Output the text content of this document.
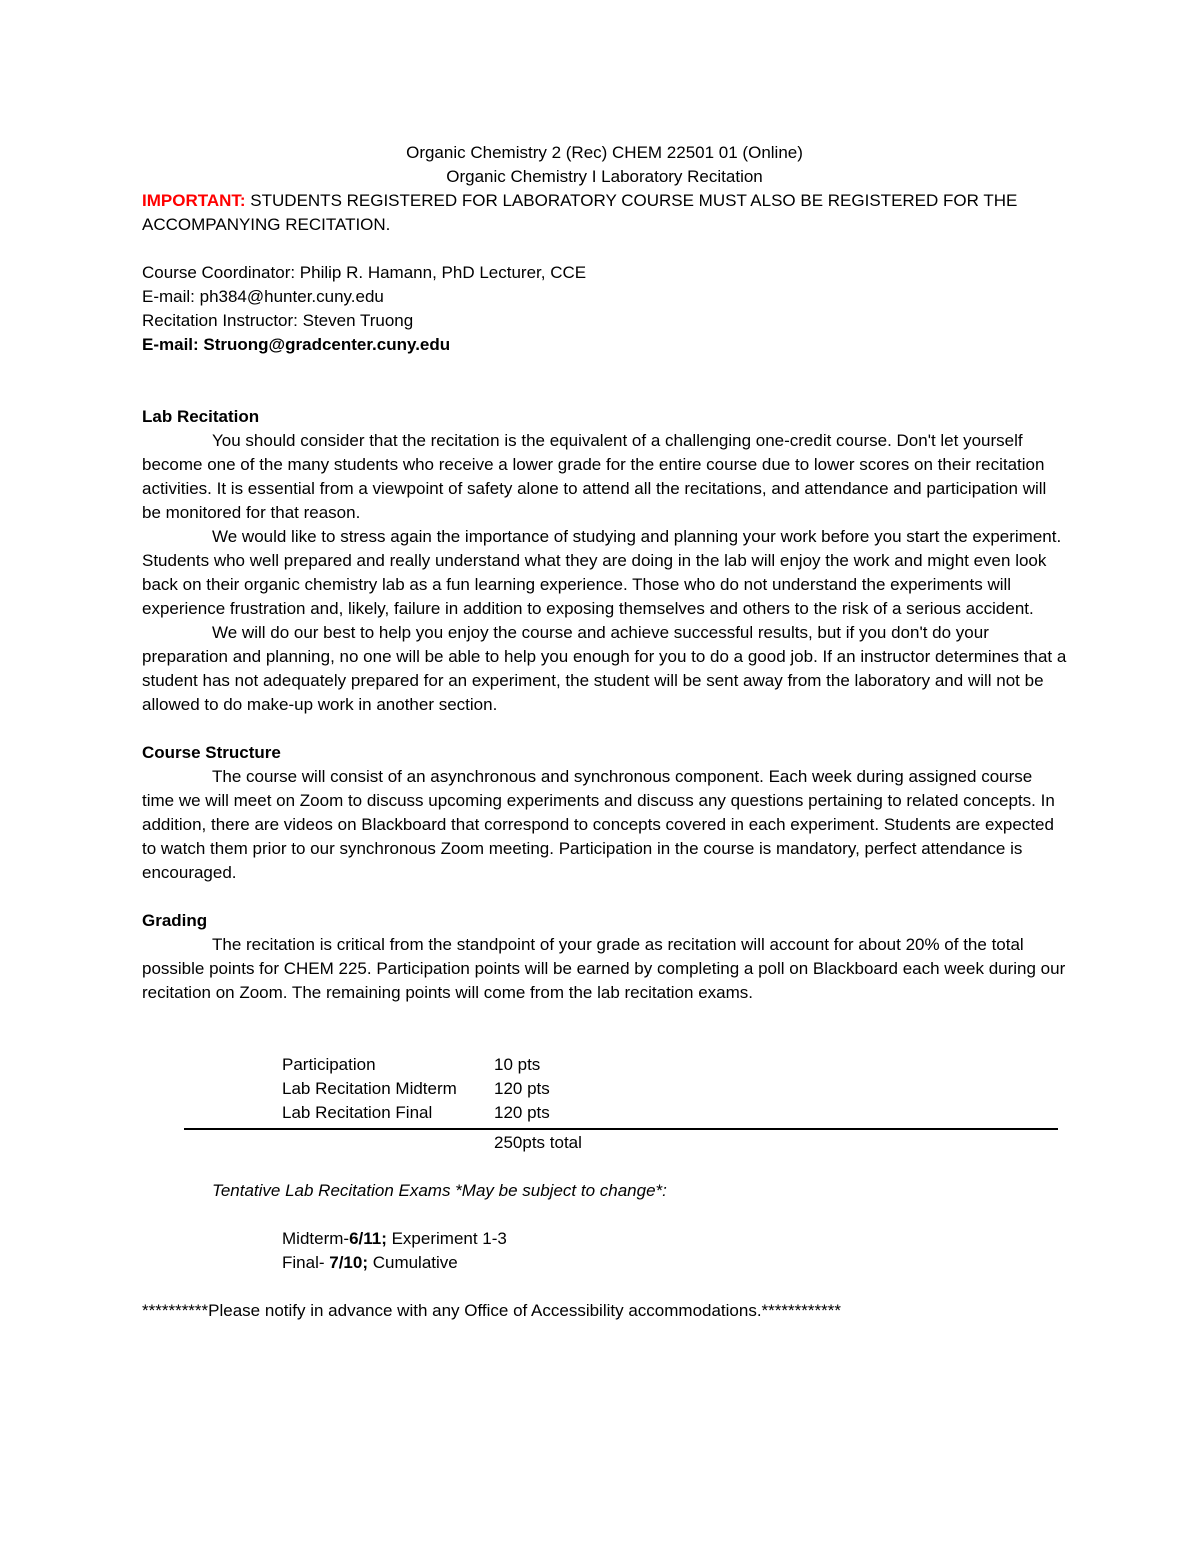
Organic Chemistry 2 (Rec) CHEM 22501 01 (Online)
Organic Chemistry I Laboratory Recitation
IMPORTANT: STUDENTS REGISTERED FOR LABORATORY COURSE MUST ALSO BE REGISTERED FOR THE
ACCOMPANYING RECITATION.
Course Coordinator: Philip R. Hamann, PhD Lecturer, CCE
E-mail: ph384@hunter.cuny.edu
Recitation Instructor: Steven Truong
E-mail: Struong@gradcenter.cuny.edu
Lab Recitation

You should consider that the recitation is the equivalent of a challenging one-credit course. Don't let yourself become one of the many students who receive a lower grade for the entire course due to lower scores on their recitation activities. It is essential from a viewpoint of safety alone to attend all the recitations, and attendance and participation will be monitored for that reason.

We would like to stress again the importance of studying and planning your work before you start the experiment. Students who well prepared and really understand what they are doing in the lab will enjoy the work and might even look back on their organic chemistry lab as a fun learning experience. Those who do not understand the experiments will experience frustration and, likely, failure in addition to exposing themselves and others to the risk of a serious accident.

We will do our best to help you enjoy the course and achieve successful results, but if you don't do your preparation and planning, no one will be able to help you enough for you to do a good job. If an instructor determines that a student has not adequately prepared for an experiment, the student will be sent away from the laboratory and will not be allowed to do make-up work in another section.

Course Structure

The course will consist of an asynchronous and synchronous component. Each week during assigned course time we will meet on Zoom to discuss upcoming experiments and discuss any questions pertaining to related concepts. In addition, there are videos on Blackboard that correspond to concepts covered in each experiment. Students are expected to watch them prior to our synchronous Zoom meeting. Participation in the course is mandatory, perfect attendance is encouraged.

Grading

The recitation is critical from the standpoint of your grade as recitation will account for about 20% of the total possible points for CHEM 225. Participation points will be earned by completing a poll on Blackboard each week during our recitation on Zoom. The remaining points will come from the lab recitation exams.

Participation	10 pts
Lab Recitation Midterm	120 pts
Lab Recitation Final	120 pts
250pts total
Tentative Lab Recitation Exams *May be subject to change*:
Midterm-6/11; Experiment 1-3
Final- 7/10; Cumulative
**********Please notify in advance with any Office of Accessibility accommodations.************
